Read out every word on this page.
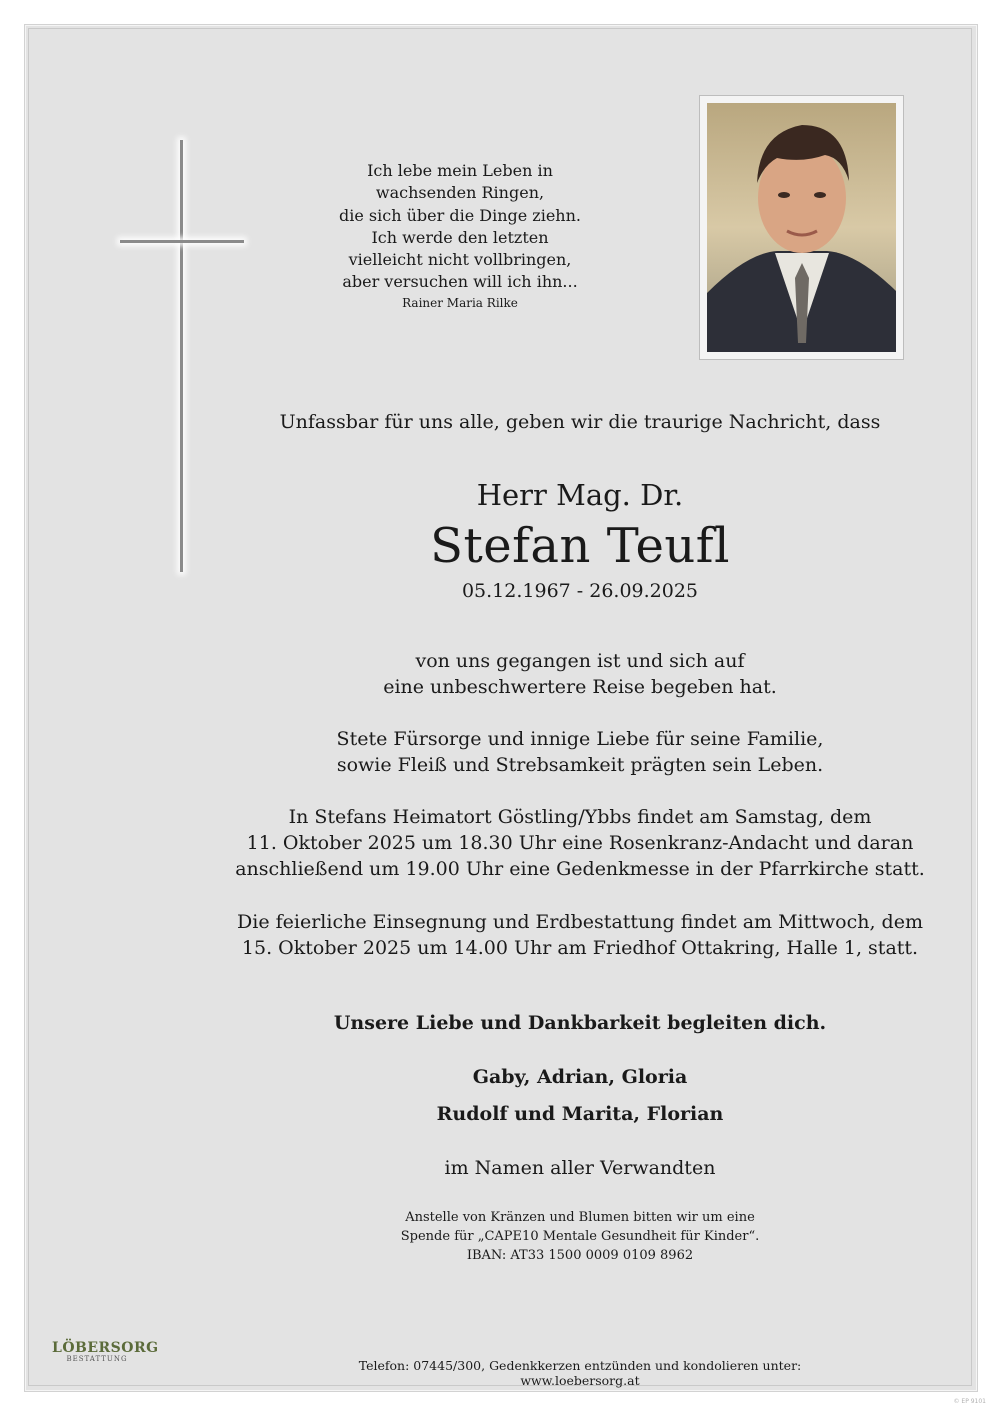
Ich lebe mein Leben in
wachsenden Ringen,
die sich über die Dinge ziehn.
Ich werde den letzten
vielleicht nicht vollbringen,
aber versuchen will ich ihn...
Rainer Maria Rilke
Unfassbar für uns alle, geben wir die traurige Nachricht, dass
Herr Mag. Dr.
Stefan Teufl
05.12.1967 - 26.09.2025
von uns gegangen ist und sich auf
eine unbeschwertere Reise begeben hat.
Stete Fürsorge und innige Liebe für seine Familie,
sowie Fleiß und Strebsamkeit prägten sein Leben.
In Stefans Heimatort Göstling/Ybbs findet am Samstag, dem
11. Oktober 2025 um 18.30 Uhr eine Rosenkranz-Andacht und daran
anschließend um 19.00 Uhr eine Gedenkmesse in der Pfarrkirche statt.
Die feierliche Einsegnung und Erdbestattung findet am Mittwoch, dem
15. Oktober 2025 um 14.00 Uhr am Friedhof Ottakring, Halle 1, statt.
Unsere Liebe und Dankbarkeit begleiten dich.
Gaby, Adrian, Gloria
Rudolf und Marita, Florian
im Namen aller Verwandten
Anstelle von Kränzen und Blumen bitten wir um eine
Spende für „CAPE10 Mentale Gesundheit für Kinder“.
IBAN: AT33 1500 0009 0109 8962
LÖBERSORG
BESTATTUNG	Telefon: 07445/300, Gedenkkerzen entzünden und kondolieren unter: www.loebersorg.at
© EP 9101
